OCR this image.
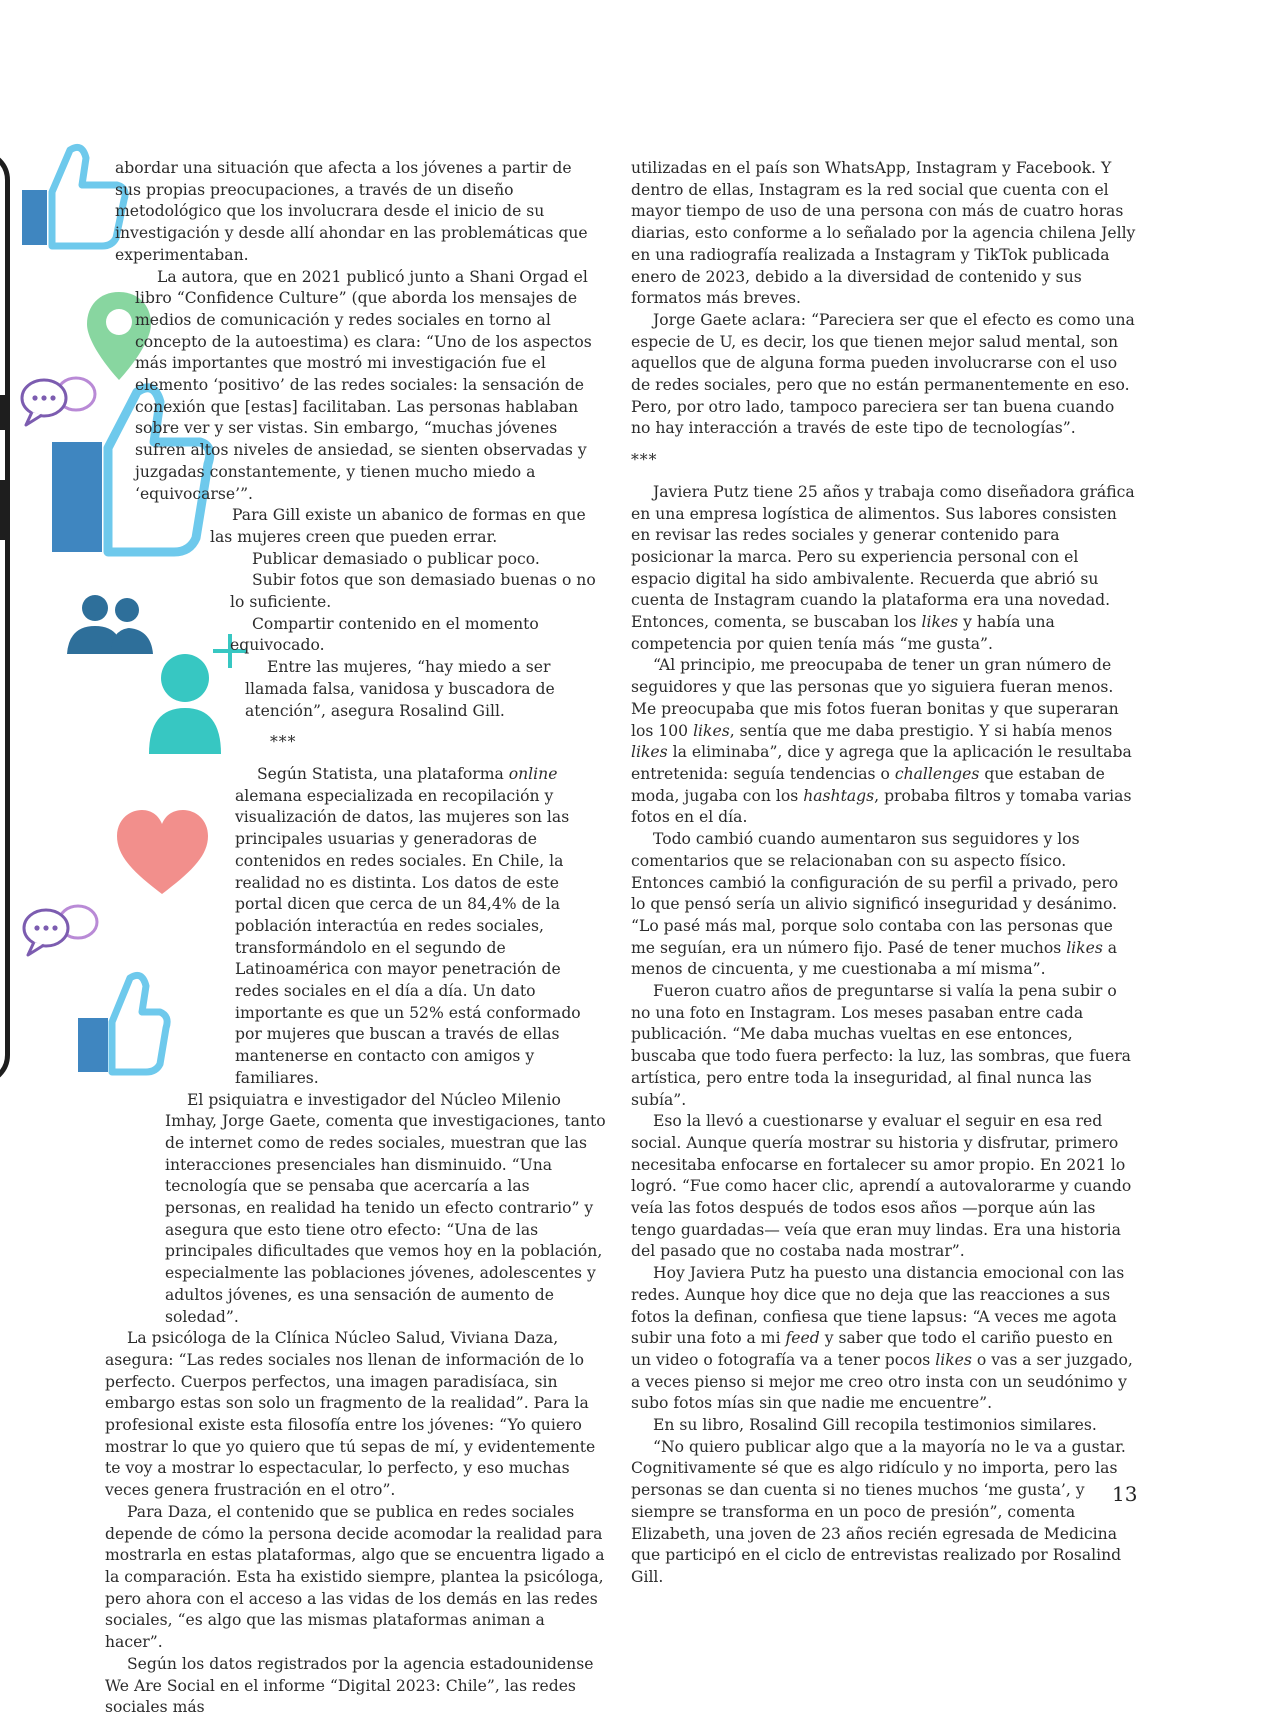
abordar una situación que afecta a los jóvenes a partir de sus propias preocupaciones, a través de un diseño metodológico que los involucrara desde el inicio de su investigación y desde allí ahondar en las problemáticas que experimentaban.

La autora, que en 2021 publicó junto a Shani Orgad el libro “Confidence Culture” (que aborda los mensajes de medios de comunicación y redes sociales en torno al concepto de la autoestima) es clara: “Uno de los aspectos más importantes que mostró mi investigación fue el elemento ‘positivo’ de las redes sociales: la sensación de conexión que [estas] facilitaban. Las personas hablaban sobre ver y ser vistas. Sin embargo, “muchas jóvenes sufren altos niveles de ansiedad, se sienten observadas y juzgadas constantemente, y tienen mucho miedo a ‘equivocarse’”.

Para Gill existe un abanico de formas en que las mujeres creen que pueden errar.

Publicar demasiado o publicar poco.

Subir fotos que son demasiado buenas o no lo suficiente.

Compartir contenido en el momento equivocado.

Entre las mujeres, “hay miedo a ser llamada falsa, vanidosa y buscadora de atención”, asegura Rosalind Gill.

***

Según Statista, una plataforma online alemana especializada en recopilación y visualización de datos, las mujeres son las principales usuarias y generadoras de contenidos en redes sociales. En Chile, la realidad no es distinta. Los datos de este portal dicen que cerca de un 84,4% de la población interactúa en redes sociales, transformándolo en el segundo de Latinoamérica con mayor penetración de redes sociales en el día a día. Un dato importante es que un 52% está conformado por mujeres que buscan a través de ellas mantenerse en contacto con amigos y familiares.

El psiquiatra e investigador del Núcleo Milenio Imhay, Jorge Gaete, comenta que investigaciones, tanto de internet como de redes sociales, muestran que las interacciones presenciales han disminuido. “Una tecnología que se pensaba que acercaría a las personas, en realidad ha tenido un efecto contrario” y asegura que esto tiene otro efecto: “Una de las principales dificultades que vemos hoy en la población, especialmente las poblaciones jóvenes, adolescentes y adultos jóvenes, es una sensación de aumento de soledad”.

La psicóloga de la Clínica Núcleo Salud, Viviana Daza, asegura: “Las redes sociales nos llenan de información de lo perfecto. Cuerpos perfectos, una imagen paradisíaca, sin embargo estas son solo un fragmento de la realidad”. Para la profesional existe esta filosofía entre los jóvenes: “Yo quiero mostrar lo que yo quiero que tú sepas de mí, y evidentemente te voy a mostrar lo espectacular, lo perfecto, y eso muchas veces genera frustración en el otro”.

Para Daza, el contenido que se publica en redes sociales depende de cómo la persona decide acomodar la realidad para mostrarla en estas plataformas, algo que se encuentra ligado a la comparación. Esta ha existido siempre, plantea la psicóloga, pero ahora con el acceso a las vidas de los demás en las redes sociales, “es algo que las mismas plataformas animan a hacer”.

Según los datos registrados por la agencia estadounidense We Are Social en el informe “Digital 2023: Chile”, las redes sociales más

utilizadas en el país son WhatsApp, Instagram y Facebook. Y dentro de ellas, Instagram es la red social que cuenta con el mayor tiempo de uso de una persona con más de cuatro horas diarias, esto conforme a lo señalado por la agencia chilena Jelly en una radiografía realizada a Instagram y TikTok publicada enero de 2023, debido a la diversidad de contenido y sus formatos más breves.

Jorge Gaete aclara: “Pareciera ser que el efecto es como una especie de U, es decir, los que tienen mejor salud mental, son aquellos que de alguna forma pueden involucrarse con el uso de redes sociales, pero que no están permanentemente en eso. Pero, por otro lado, tampoco pareciera ser tan buena cuando no hay interacción a través de este tipo de tecnologías”.

***

Javiera Putz tiene 25 años y trabaja como diseñadora gráfica en una empresa logística de alimentos. Sus labores consisten en revisar las redes sociales y generar contenido para posicionar la marca. Pero su experiencia personal con el espacio digital ha sido ambivalente. Recuerda que abrió su cuenta de Instagram cuando la plataforma era una novedad. Entonces, comenta, se buscaban los likes y había una competencia por quien tenía más “me gusta”.

“Al principio, me preocupaba de tener un gran número de seguidores y que las personas que yo siguiera fueran menos. Me preocupaba que mis fotos fueran bonitas y que superaran los 100 likes, sentía que me daba prestigio. Y si había menos likes la eliminaba”, dice y agrega que la aplicación le resultaba entretenida: seguía tendencias o challenges que estaban de moda, jugaba con los hashtags, probaba filtros y tomaba varias fotos en el día.

Todo cambió cuando aumentaron sus seguidores y los comentarios que se relacionaban con su aspecto físico. Entonces cambió la configuración de su perfil a privado, pero lo que pensó sería un alivio significó inseguridad y desánimo. “Lo pasé más mal, porque solo contaba con las personas que me seguían, era un número fijo. Pasé de tener muchos likes a menos de cincuenta, y me cuestionaba a mí misma”.

Fueron cuatro años de preguntarse si valía la pena subir o no una foto en Instagram. Los meses pasaban entre cada publicación. “Me daba muchas vueltas en ese entonces, buscaba que todo fuera perfecto: la luz, las sombras, que fuera artística, pero entre toda la inseguridad, al final nunca las subía”.

Eso la llevó a cuestionarse y evaluar el seguir en esa red social. Aunque quería mostrar su historia y disfrutar, primero necesitaba enfocarse en fortalecer su amor propio. En 2021 lo logró. “Fue como hacer clic, aprendí a autovalorarme y cuando veía las fotos después de todos esos años —porque aún las tengo guardadas— veía que eran muy lindas. Era una historia del pasado que no costaba nada mostrar”.

Hoy Javiera Putz ha puesto una distancia emocional con las redes. Aunque hoy dice que no deja que las reacciones a sus fotos la definan, confiesa que tiene lapsus: “A veces me agota subir una foto a mi feed y saber que todo el cariño puesto en un video o fotografía va a tener pocos likes o vas a ser juzgado, a veces pienso si mejor me creo otro insta con un seudónimo y subo fotos mías sin que nadie me encuentre”.

En su libro, Rosalind Gill recopila testimonios similares.

“No quiero publicar algo que a la mayoría no le va a gustar. Cognitivamente sé que es algo ridículo y no importa, pero las personas se dan cuenta si no tienes muchos ‘me gusta’, y siempre se transforma en un poco de presión”, comenta Elizabeth, una joven de 23 años recién egresada de Medicina que participó en el ciclo de entrevistas realizado por Rosalind Gill.

13
